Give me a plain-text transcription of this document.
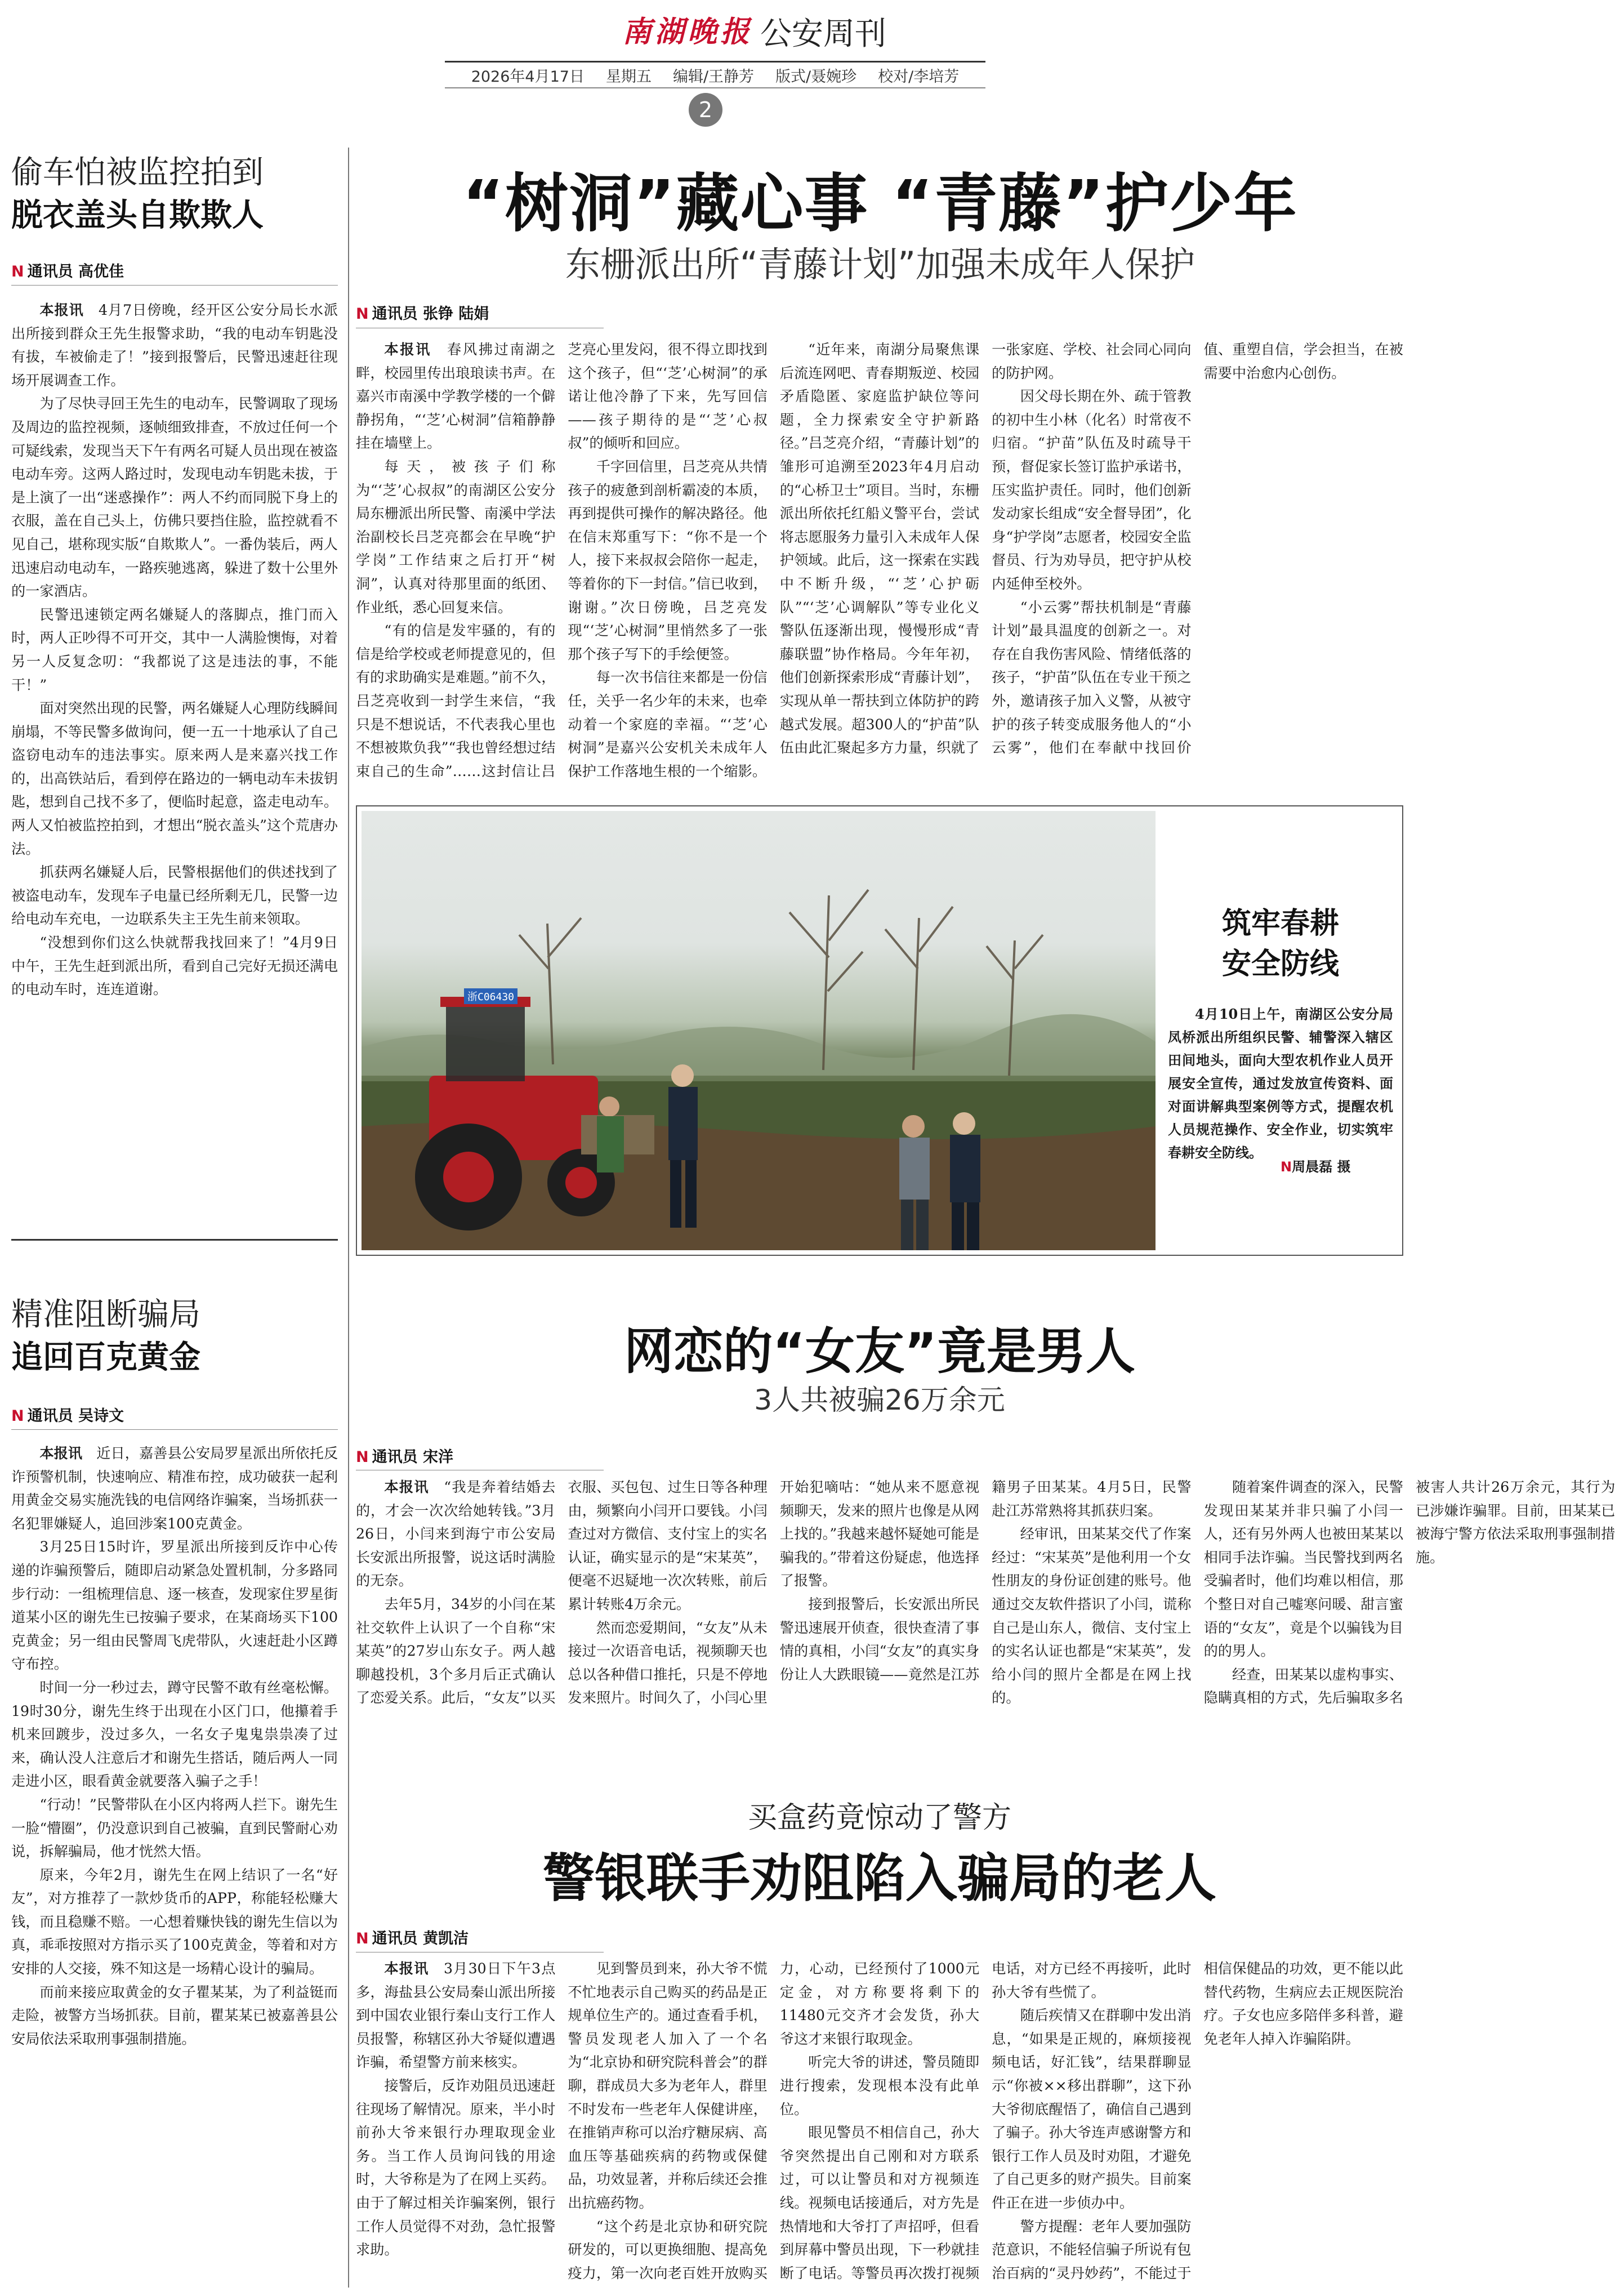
南湖晚报 公安周刊
2026年4月17日 星期五 编辑/王静芳 版式/聂婉珍 校对/李培芳
2
偷车怕被监控拍到
脱衣盖头自欺欺人
N 通讯员 高优佳

本报讯　 4月7日傍晚，经开区公安分局长水派出所接到群众王先生报警求助，“我的电动车钥匙没有拔，车被偷走了！”接到报警后，民警迅速赶往现场开展调查工作。

为了尽快寻回王先生的电动车，民警调取了现场及周边的监控视频，逐帧细致排查，不放过任何一个可疑线索，发现当天下午有两名可疑人员出现在被盗电动车旁。这两人路过时，发现电动车钥匙未拔，于是上演了一出“迷惑操作”：两人不约而同脱下身上的衣服，盖在自己头上，仿佛只要挡住脸，监控就看不见自己，堪称现实版“自欺欺人”。一番伪装后，两人迅速启动电动车，一路疾驰逃离，躲进了数十公里外的一家酒店。

民警迅速锁定两名嫌疑人的落脚点，推门而入时，两人正吵得不可开交，其中一人满脸懊悔，对着另一人反复念叨：“我都说了这是违法的事，不能干！”

面对突然出现的民警，两名嫌疑人心理防线瞬间崩塌，不等民警多做询问，便一五一十地承认了自己盗窃电动车的违法事实。原来两人是来嘉兴找工作的，出高铁站后，看到停在路边的一辆电动车未拔钥匙，想到自己找不多了，便临时起意，盗走电动车。两人又怕被监控拍到，才想出“脱衣盖头”这个荒唐办法。

抓获两名嫌疑人后，民警根据他们的供述找到了被盗电动车，发现车子电量已经所剩无几，民警一边给电动车充电，一边联系失主王先生前来领取。

“没想到你们这么快就帮我找回来了！”4月9日中午，王先生赶到派出所，看到自己完好无损还满电的电动车时，连连道谢。

精准阻断骗局
追回百克黄金
N 通讯员 吴诗文

本报讯　 近日，嘉善县公安局罗星派出所依托反诈预警机制，快速响应、精准布控，成功破获一起利用黄金交易实施洗钱的电信网络诈骗案，当场抓获一名犯罪嫌疑人，追回涉案100克黄金。

3月25日15时许，罗星派出所接到反诈中心传递的诈骗预警后，随即启动紧急处置机制，分多路同步行动：一组梳理信息、逐一核查，发现家住罗星街道某小区的谢先生已按骗子要求，在某商场买下100克黄金；另一组由民警周飞虎带队，火速赶赴小区蹲守布控。

时间一分一秒过去，蹲守民警不敢有丝毫松懈。19时30分，谢先生终于出现在小区门口，他攥着手机来回踱步，没过多久，一名女子鬼鬼祟祟凑了过来，确认没人注意后才和谢先生搭话，随后两人一同走进小区，眼看黄金就要落入骗子之手！

“行动！”民警带队在小区内将两人拦下。谢先生一脸“懵圈”，仍没意识到自己被骗，直到民警耐心劝说，拆解骗局，他才恍然大悟。

原来，今年2月，谢先生在网上结识了一名“好友”，对方推荐了一款炒货币的APP，称能轻松赚大钱，而且稳赚不赔。一心想着赚快钱的谢先生信以为真，乖乖按照对方指示买了100克黄金，等着和对方安排的人交接，殊不知这是一场精心设计的骗局。

而前来接应取黄金的女子瞿某某，为了利益铤而走险，被警方当场抓获。目前，瞿某某已被嘉善县公安局依法采取刑事强制措施。

“树洞”藏心事 “青藤”护少年
东栅派出所“青藤计划”加强未成年人保护
N 通讯员 张铮 陆娟

本报讯　 春风拂过南湖之畔，校园里传出琅琅读书声。在嘉兴市南溪中学教学楼的一个僻静拐角，“‘芝’心树洞”信箱静静挂在墙壁上。

每天，被孩子们称为“‘芝’心叔叔”的南湖区公安分局东栅派出所民警、南溪中学法治副校长吕芝亮都会在早晚“护学岗”工作结束之后打开“树洞”，认真对待那里面的纸团、作业纸，悉心回复来信。

“有的信是发牢骚的，有的信是给学校或老师提意见的，但有的求助确实是难题。”前不久，吕芝亮收到一封学生来信，“我只是不想说话，不代表我心里也不想被欺负我”“我也曾经想过结束自己的生命”……这封信让吕芝亮心里发闷，很不得立即找到这个孩子，但“‘芝’心树洞”的承诺让他冷静了下来，先写回信——孩子期待的是“‘芝’心叔叔”的倾听和回应。

千字回信里，吕芝亮从共情孩子的疲惫到剖析霸凌的本质，再到提供可操作的解决路径。他在信末郑重写下：“你不是一个人，接下来叔叔会陪你一起走，等着你的下一封信。”信已收到，谢谢。”次日傍晚，吕芝亮发现“‘芝’心树洞”里悄然多了一张那个孩子写下的手绘便签。

每一次书信往来都是一份信任，关乎一名少年的未来，也牵动着一个家庭的幸福。“‘芝’心树洞”是嘉兴公安机关未成年人保护工作落地生根的一个缩影。

“近年来，南湖分局聚焦课后流连网吧、青春期叛逆、校园矛盾隐匿、家庭监护缺位等问题，全力探索安全守护新路径。”吕芝亮介绍，“青藤计划”的雏形可追溯至2023年4月启动的“心桥卫士”项目。当时，东栅派出所依托红船义警平台，尝试将志愿服务力量引入未成年人保护领域。此后，这一探索在实践中不断升级，“‘芝’心护砺队”“‘芝’心调解队”等专业化义警队伍逐渐出现，慢慢形成“青藤联盟”协作格局。今年年初，他们创新探索形成“青藤计划”，实现从单一帮扶到立体防护的跨越式发展。超300人的“护苗”队伍由此汇聚起多方力量，织就了一张家庭、学校、社会同心同向的防护网。

因父母长期在外、疏于管教的初中生小林（化名）时常夜不归宿。“护苗”队伍及时疏导干预，督促家长签订监护承诺书，压实监护责任。同时，他们创新发动家长组成“安全督导团”，化身“护学岗”志愿者，校园安全监督员、行为劝导员，把守护从校内延伸至校外。

“小云雾”帮扶机制是“青藤计划”最具温度的创新之一。对存在自我伤害风险、情绪低落的孩子，“护苗”队伍在专业干预之外，邀请孩子加入义警，从被守护的孩子转变成服务他人的“小云雾”，他们在奉献中找回价值、重塑自信，学会担当，在被需要中治愈内心创伤。

浙C06430
筑牢春耕
安全防线
4月10日上午，南湖区公安分局凤桥派出所组织民警、辅警深入辖区田间地头，面向大型农机作业人员开展安全宣传，通过发放宣传资料、面对面讲解典型案例等方式，提醒农机人员规范操作、安全作业，切实筑牢春耕安全防线。
N周晨磊 摄
网恋的“女友”竟是男人
3人共被骗26万余元
N 通讯员 宋洋

本报讯　 “我是奔着结婚去的，才会一次次给她转钱。”3月26日，小闫来到海宁市公安局长安派出所报警，说这话时满脸的无奈。

去年5月，34岁的小闫在某社交软件上认识了一个自称“宋某英”的27岁山东女子。两人越聊越投机，3个多月后正式确认了恋爱关系。此后，“女友”以买衣服、买包包、过生日等各种理由，频繁向小闫开口要钱。小闫查过对方微信、支付宝上的实名认证，确实显示的是“宋某英”，便毫不迟疑地一次次转账，前后累计转账4万余元。

然而恋爱期间，“女友”从未接过一次语音电话，视频聊天也总以各种借口推托，只是不停地发来照片。时间久了，小闫心里开始犯嘀咕：“她从来不愿意视频聊天，发来的照片也像是从网上找的。”我越来越怀疑她可能是骗我的。”带着这份疑虑，他选择了报警。

接到报警后，长安派出所民警迅速展开侦查，很快查清了事情的真相，小闫“女友”的真实身份让人大跌眼镜——竟然是江苏籍男子田某某。4月5日，民警赴江苏常熟将其抓获归案。

经审讯，田某某交代了作案经过：“宋某英”是他利用一个女性朋友的身份证创建的账号。他通过交友软件搭识了小闫，谎称自己是山东人，微信、支付宝上的实名认证也都是“宋某英”，发给小闫的照片全都是在网上找的。

随着案件调查的深入，民警发现田某某并非只骗了小闫一人，还有另外两人也被田某某以相同手法诈骗。当民警找到两名受骗者时，他们均难以相信，那个整日对自己嘘寒问暖、甜言蜜语的“女友”，竟是个以骗钱为目的的男人。

经查，田某某以虚构事实、隐瞒真相的方式，先后骗取多名被害人共计26万余元，其行为已涉嫌诈骗罪。目前，田某某已被海宁警方依法采取刑事强制措施。

买盒药竟惊动了警方
警银联手劝阻陷入骗局的老人
N 通讯员 黄凯洁

本报讯　 3月30日下午3点多，海盐县公安局秦山派出所接到中国农业银行秦山支行工作人员报警，称辖区孙大爷疑似遭遇诈骗，希望警方前来核实。

接警后，反诈劝阻员迅速赶往现场了解情况。原来，半小时前孙大爷来银行办理取现金业务。当工作人员询问钱的用途时，大爷称是为了在网上买药。由于了解过相关诈骗案例，银行工作人员觉得不对劲，急忙报警求助。

见到警员到来，孙大爷不慌不忙地表示自己购买的药品是正规单位生产的。通过查看手机，警员发现老人加入了一个名为“北京协和研究院科普会”的群聊，群成员大多为老年人，群里不时发布一些老年人保健讲座，在推销声称可以治疗糖尿病、高血压等基础疾病的药物或保健品，功效显著，并称后续还会推出抗癌药物。

“这个药是北京协和研究院研发的，可以更换细胞、提高免疫力，第一次向老百姓开放购买力，心动，已经预付了1000元定金，对方称要将剩下的11480元交齐才会发货，孙大爷这才来银行取现金。

听完大爷的讲述，警员随即进行搜索，发现根本没有此单位。

眼见警员不相信自己，孙大爷突然提出自己刚和对方联系过，可以让警员和对方视频连线。视频电话接通后，对方先是热情地和大爷打了声招呼，但看到屏幕中警员出现，下一秒就挂断了电话。等警员再次拨打视频电话，对方已经不再接听，此时孙大爷有些慌了。

随后疾情又在群聊中发出消息，“如果是正规的，麻烦接视频电话，好汇钱”，结果群聊显示“你被××移出群聊”，这下孙大爷彻底醒悟了，确信自己遇到了骗子。孙大爷连声感谢警方和银行工作人员及时劝阻，才避免了自己更多的财产损失。目前案件正在进一步侦办中。

警方提醒：老年人要加强防范意识，不能轻信骗子所说有包治百病的“灵丹妙药”，不能过于相信保健品的功效，更不能以此替代药物，生病应去正规医院治疗。子女也应多陪伴多科普，避免老年人掉入诈骗陷阱。
